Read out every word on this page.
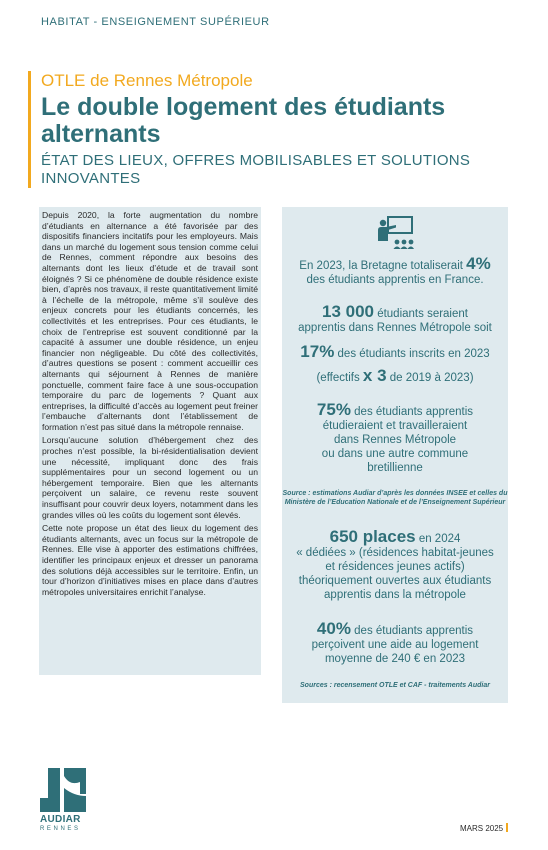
HABITAT - ENSEIGNEMENT SUPÉRIEUR
OTLE de Rennes Métropole
Le double logement des étudiants alternants
ÉTAT DES LIEUX, OFFRES MOBILISABLES ET SOLUTIONS INNOVANTES

Depuis 2020, la forte augmentation du nombre d’étudiants en alternance a été favorisée par des dispositifs financiers incitatifs pour les employeurs. Mais dans un marché du logement sous tension comme celui de Rennes, comment répondre aux besoins des alternants dont les lieux d’étude et de travail sont éloignés ? Si ce phénomène de double résidence existe bien, d’après nos travaux, il reste quantitativement limité à l’échelle de la métropole, même s’il soulève des enjeux concrets pour les étudiants concernés, les collectivités et les entreprises. Pour ces étudiants, le choix de l’entreprise est souvent conditionné par la capacité à assumer une double résidence, un enjeu financier non négligeable. Du côté des collectivités, d’autres questions se posent : comment accueillir ces alternants qui séjournent à Rennes de manière ponctuelle, comment faire face à une sous-occupation temporaire du parc de logements ? Quant aux entreprises, la difficulté d’accès au logement peut freiner l’embauche d’alternants dont l’établissement de formation n’est pas situé dans la métropole rennaise.

Lorsqu’aucune solution d’hébergement chez des proches n’est possible, la bi-résidentialisation devient une nécessité, impliquant donc des frais supplémentaires pour un second logement ou un hébergement temporaire. Bien que les alternants perçoivent un salaire, ce revenu reste souvent insuffisant pour couvrir deux loyers, notamment dans les grandes villes où les coûts du logement sont élevés.

Cette note propose un état des lieux du logement des étudiants alternants, avec un focus sur la métropole de Rennes. Elle vise à apporter des estimations chiffrées, identifier les principaux enjeux et dresser un panorama des solutions déjà accessibles sur le territoire. Enfin, un tour d’horizon d’initiatives mises en place dans d’autres métropoles universitaires enrichit l’analyse.

En 2023, la Bretagne totaliserait 4%
des étudiants apprentis en France.
13 000 étudiants seraient
apprentis dans Rennes Métropole soit
17% des étudiants inscrits en 2023
(effectifs x 3 de 2019 à 2023)
75% des étudiants apprentis
étudieraient et travailleraient
dans Rennes Métropole
ou dans une autre commune
bretillienne
Source : estimations Audiar d’après les données INSEE et celles du Ministère de l’Education Nationale et de l’Enseignement Supérieur
650 places en 2024
« dédiées » (résidences habitat-jeunes
et résidences jeunes actifs)
théoriquement ouvertes aux étudiants
apprentis dans la métropole
40% des étudiants apprentis
perçoivent une aide au logement
moyenne de 240 € en 2023
Sources : recensement OTLE et CAF - traitements Audiar
AUDIAR
RENNES	MARS 2025
